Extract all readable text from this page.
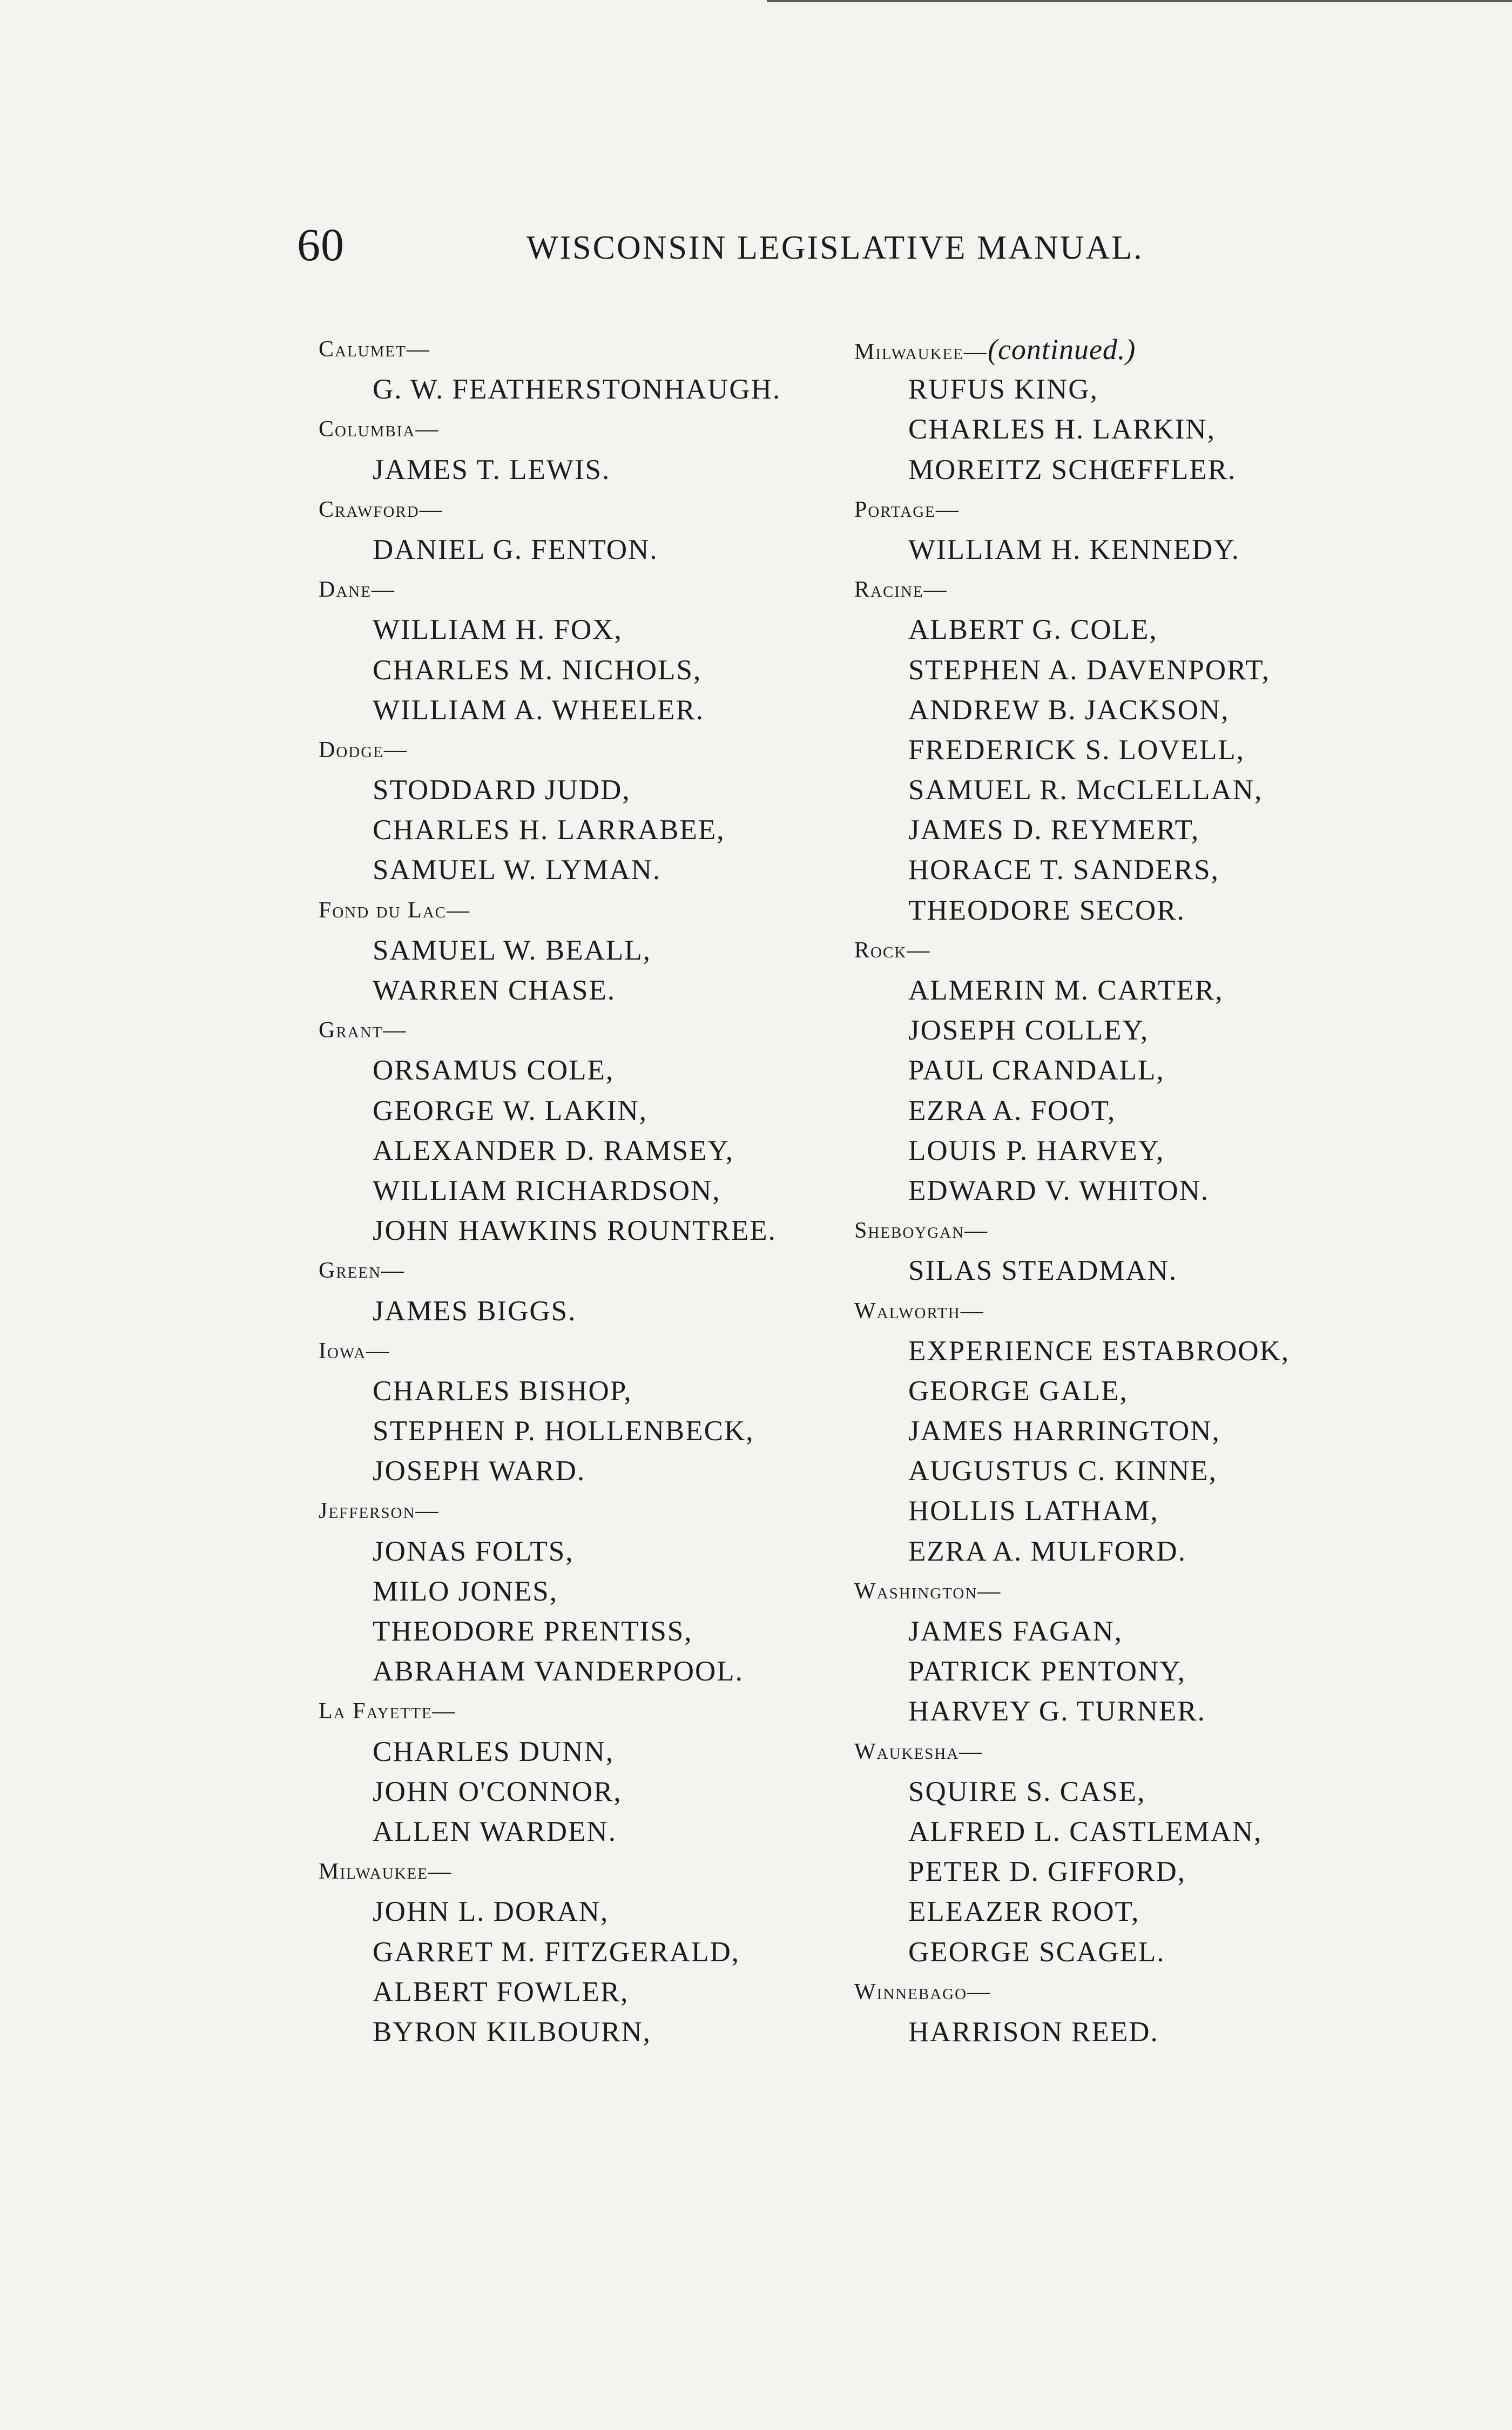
60	WISCONSIN LEGISLATIVE MANUAL.
Calumet—
G. W. FEATHERSTONHAUGH.
Columbia—
JAMES T. LEWIS.
Crawford—
DANIEL G. FENTON.
Dane—
WILLIAM H. FOX,
CHARLES M. NICHOLS,
WILLIAM A. WHEELER.
Dodge—
STODDARD JUDD,
CHARLES H. LARRABEE,
SAMUEL W. LYMAN.
Fond du Lac—
SAMUEL W. BEALL,
WARREN CHASE.
Grant—
ORSAMUS COLE,
GEORGE W. LAKIN,
ALEXANDER D. RAMSEY,
WILLIAM RICHARDSON,
JOHN HAWKINS ROUNTREE.
Green—
JAMES BIGGS.
Iowa—
CHARLES BISHOP,
STEPHEN P. HOLLENBECK,
JOSEPH WARD.
Jefferson—
JONAS FOLTS,
MILO JONES,
THEODORE PRENTISS,
ABRAHAM VANDERPOOL.
La Fayette—
CHARLES DUNN,
JOHN O'CONNOR,
ALLEN WARDEN.
Milwaukee—
JOHN L. DORAN,
GARRET M. FITZGERALD,
ALBERT FOWLER,
BYRON KILBOURN,
Milwaukee—(continued.)
RUFUS KING,
CHARLES H. LARKIN,
MOREITZ SCHŒFFLER.
Portage—
WILLIAM H. KENNEDY.
Racine—
ALBERT G. COLE,
STEPHEN A. DAVENPORT,
ANDREW B. JACKSON,
FREDERICK S. LOVELL,
SAMUEL R. McCLELLAN,
JAMES D. REYMERT,
HORACE T. SANDERS,
THEODORE SECOR.
Rock—
ALMERIN M. CARTER,
JOSEPH COLLEY,
PAUL CRANDALL,
EZRA A. FOOT,
LOUIS P. HARVEY,
EDWARD V. WHITON.
Sheboygan—
SILAS STEADMAN.
Walworth—
EXPERIENCE ESTABROOK,
GEORGE GALE,
JAMES HARRINGTON,
AUGUSTUS C. KINNE,
HOLLIS LATHAM,
EZRA A. MULFORD.
Washington—
JAMES FAGAN,
PATRICK PENTONY,
HARVEY G. TURNER.
Waukesha—
SQUIRE S. CASE,
ALFRED L. CASTLEMAN,
PETER D. GIFFORD,
ELEAZER ROOT,
GEORGE SCAGEL.
Winnebago—
HARRISON REED.
